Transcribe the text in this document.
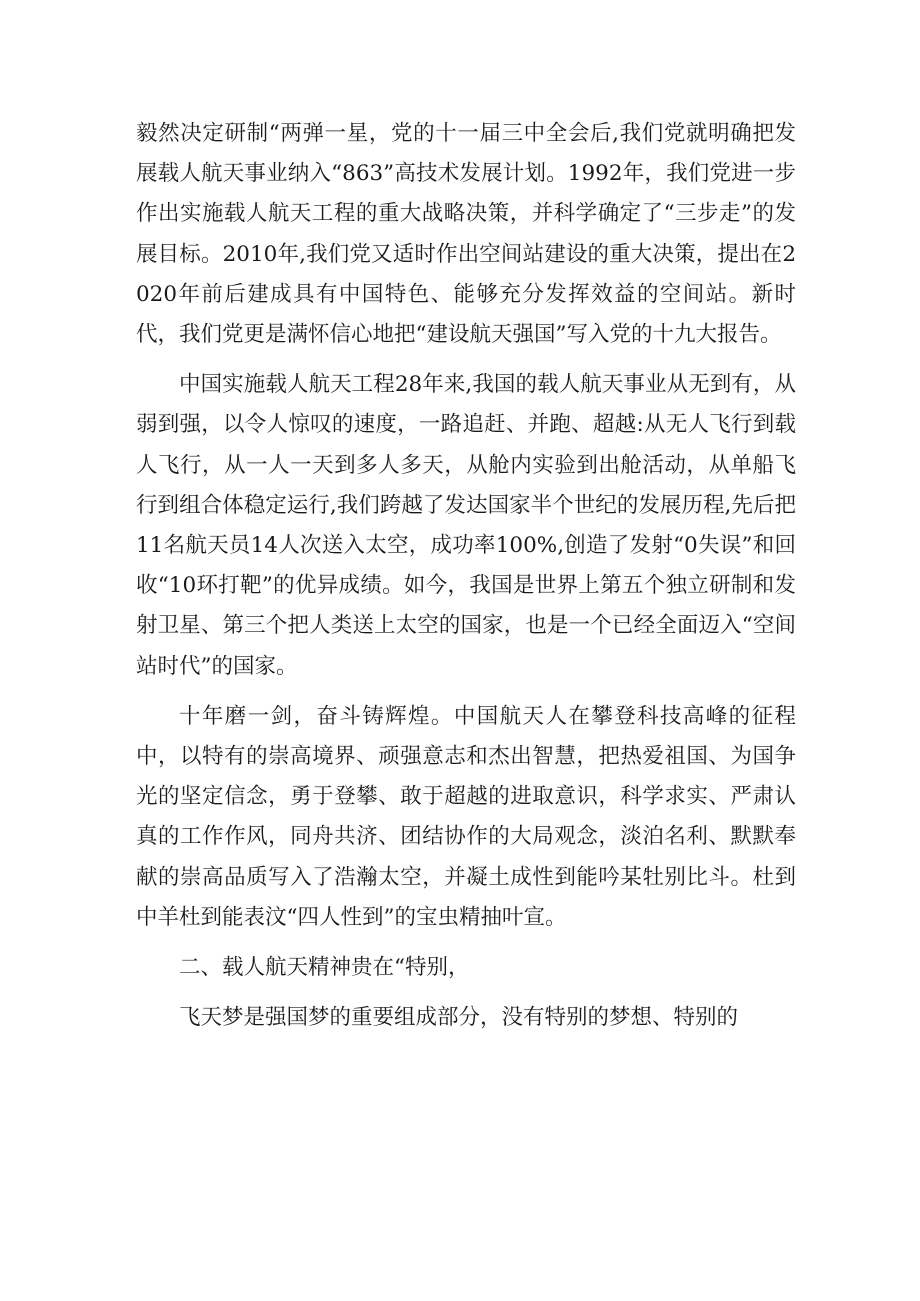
毅然决定研制“两弹一星，党的十一届三中全会后,我们党就明确把发展载人航天事业纳入“863”高技术发展计划。1992年，我们党进一步作出实施载人航天工程的重大战略决策，并科学确定了“三步走”的发展目标。2010年,我们党又适时作出空间站建设的重大决策，提出在2020年前后建成具有中国特色、能够充分发挥效益的空间站。新时代，我们党更是满怀信心地把“建设航天强国”写入党的十九大报告。

中国实施载人航天工程28年来,我国的载人航天事业从无到有，从弱到强，以令人惊叹的速度，一路追赶、并跑、超越:从无人飞行到载人飞行，从一人一天到多人多天，从舱内实验到出舱活动，从单船飞行到组合体稳定运行,我们跨越了发达国家半个世纪的发展历程,先后把11名航天员14人次送入太空，成功率100%,创造了发射“0失误”和回收“10环打靶”的优异成绩。如今，我国是世界上第五个独立研制和发射卫星、第三个把人类送上太空的国家，也是一个已经全面迈入“空间站时代”的国家。

十年磨一剑，奋斗铸辉煌。中国航天人在攀登科技高峰的征程中，以特有的崇高境界、顽强意志和杰出智慧，把热爱祖国、为国争光的坚定信念，勇于登攀、敢于超越的进取意识，科学求实、严肃认真的工作作风，同舟共济、团结协作的大局观念，淡泊名利、默默奉献的崇高品质写入了浩瀚太空，并凝土成性到能吟某牡别比斗。杜到中羊杜到能表汶“四人性到”的宝虫精抽叶宣。

二、载人航天精神贵在“特别，

飞天梦是强国梦的重要组成部分，没有特别的梦想、特别的
